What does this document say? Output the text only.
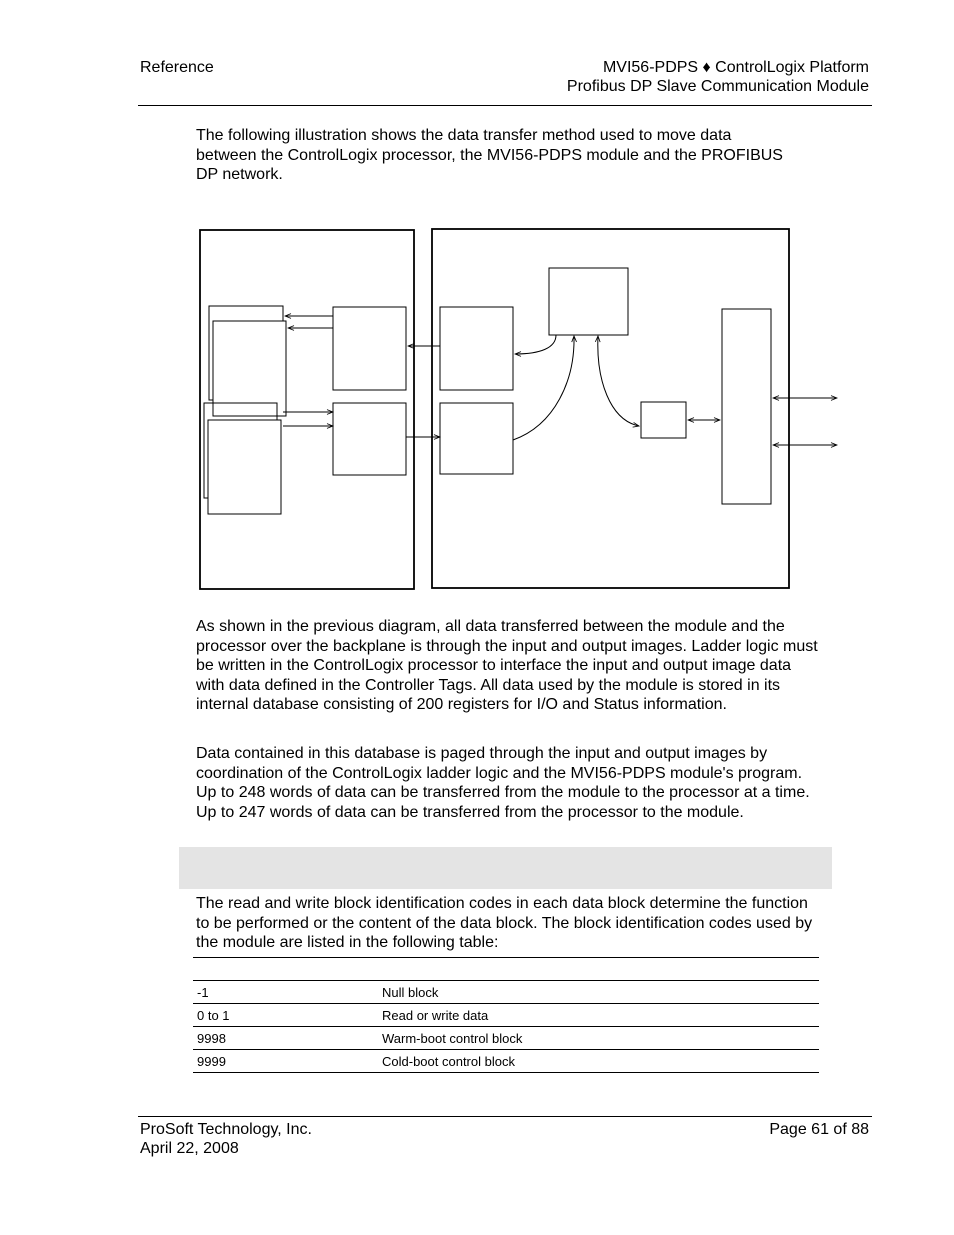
Reference	MVI56-PDPS ♦ ControlLogix Platform
Profibus DP Slave Communication Module
The following illustration shows the data transfer method used to move data between the ControlLogix processor, the MVI56-PDPS module and the PROFIBUS DP network.
As shown in the previous diagram, all data transferred between the module and the processor over the backplane is through the input and output images. Ladder logic must be written in the ControlLogix processor to interface the input and output image data with data defined in the Controller Tags. All data used by the module is stored in its internal database consisting of 200 registers for I/O and Status information.
Data contained in this database is paged through the input and output images by coordination of the ControlLogix ladder logic and the MVI56-PDPS module's program. Up to 248 words of data can be transferred from the module to the processor at a time. Up to 247 words of data can be transferred from the processor to the module.
The read and write block identification codes in each data block determine the function to be performed or the content of the data block. The block identification codes used by the module are listed in the following table:
-1	Null block
0 to 1	Read or write data
9998	Warm-boot control block
9999	Cold-boot control block
ProSoft Technology, Inc.
April 22, 2008
Page 61 of 88
